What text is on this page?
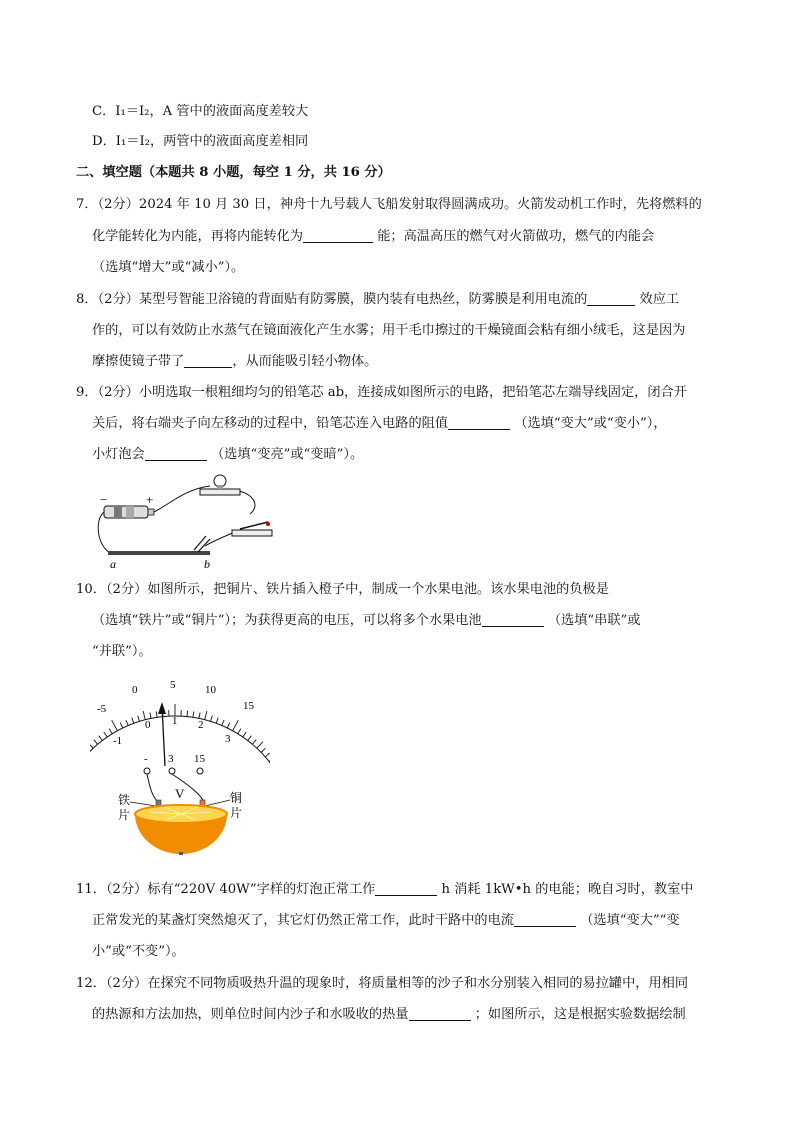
C．I₁＝I₂，A 管中的液面高度差较大
D．I₁＝I₂，两管中的液面高度差相同
二、填空题（本题共 8 小题，每空 1 分，共 16 分）
7．（2分）2024 年 10 月 30 日，神舟十九号载人飞船发射取得圆满成功。火箭发动机工作时，先将燃料的
化学能转化为内能，再将内能转化为	能；高温高压的燃气对火箭做功，燃气的内能会
（选填“增大”或“减小”）。
8．（2分）某型号智能卫浴镜的背面贴有防雾膜，膜内装有电热丝，防雾膜是利用电流的	效应工
作的，可以有效防止水蒸气在镜面液化产生水雾；用干毛巾擦过的干燥镜面会粘有细小绒毛，这是因为
摩擦使镜子带了	，从而能吸引轻小物体。
9．（2分）小明选取一根粗细均匀的铅笔芯 ab，连接成如图所示的电路，把铅笔芯左端导线固定，闭合开
关后，将右端夹子向左移动的过程中，铅笔芯连入电路的阻值	（选填“变大”或“变小”），
小灯泡会	（选填“变亮”或“变暗”）。
−	+
a	b
10．（2分）如图所示，把铜片、铁片插入橙子中，制成一个水果电池。该水果电池的负极是
（选填“铁片”或“铜片”）；为获得更高的电压，可以将多个水果电池	（选填“串联”或
“并联”）。
-5
0	5	10
15
-1
0 1 2
3
- 3 15
V
铁
片
铜
片
11．（2分）标有“220V 40W”字样的灯泡正常工作	h 消耗 1kW•h 的电能；晚自习时，教室中
正常发光的某盏灯突然熄灭了，其它灯仍然正常工作，此时干路中的电流	（选填“变大”“变
小”或“不变”）。
12．（2分）在探究不同物质吸热升温的现象时，将质量相等的沙子和水分别装入相同的易拉罐中，用相同
的热源和方法加热，则单位时间内沙子和水吸收的热量	；如图所示，这是根据实验数据绘制
